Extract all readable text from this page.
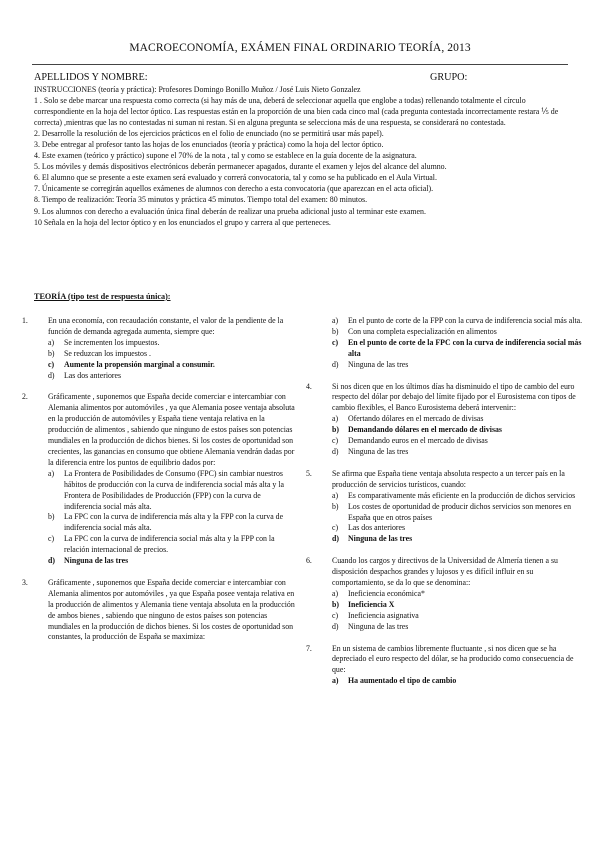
MACROECONOMÍA, EXÁMEN FINAL ORDINARIO TEORÍA, 2013
APELLIDOS Y NOMBRE:	GRUPO:

INSTRUCCIONES (teoría y práctica): Profesores Domingo Bonillo Muñoz / José Luis Nieto Gonzalez

1 . Solo se debe marcar una respuesta como correcta (si hay más de una, deberá de seleccionar aquella que englobe a todas) rellenando totalmente el círculo correspondiente en la hoja del lector óptico. Las respuestas están en la proporción de una bien cada cinco mal (cada pregunta contestada incorrectamente restara ⅕ de correcta) ,mientras que las no contestadas ni suman ni restan. Si en alguna pregunta se selecciona más de una respuesta, se considerará no contestada.

2. Desarrolle la resolución de los ejercicios prácticos en el folio de enunciado (no se permitirá usar más papel).

3. Debe entregar al profesor tanto las hojas de los enunciados (teoría y práctica) como la hoja del lector óptico.

4. Este examen (teórico y práctico) supone el 70% de la nota , tal y como se establece en la guía docente de la asignatura.

5. Los móviles y demás dispositivos electrónicos deberán permanecer apagados, durante el examen y lejos del alcance del alumno.

6. El alumno que se presente a este examen será evaluado y correrá convocatoria, tal y como se ha publicado en el Aula Virtual.

7. Únicamente se corregirán aquellos exámenes de alumnos con derecho a esta convocatoria (que aparezcan en el acta oficial).

8. Tiempo de realización: Teoría 35 minutos y práctica 45 minutos. Tiempo total del examen: 80 minutos.

9. Los alumnos con derecho a evaluación única final deberán de realizar una prueba adicional justo al terminar este examen.

10 Señala en la hoja del lector óptico y en los enunciados el grupo y carrera al que perteneces.

TEORÍA (tipo test de respuesta única):
1.	En una economía, con recaudación constante, el valor de la pendiente de la función de demanda agregada aumenta, siempre que:
a)	Se incrementen los impuestos.
b)	Se reduzcan los impuestos .
c)	Aumente la propensión marginal a consumir.
d)	Las dos anteriores
2.	Gráficamente , suponemos que España decide comerciar e intercambiar con Alemania alimentos por automóviles , ya que Alemania posee ventaja absoluta en la producción de automóviles y España tiene ventaja relativa en la producción de alimentos , sabiendo que ninguno de estos países son potencias mundiales en la producción de dichos bienes. Si los costes de oportunidad son crecientes, las ganancias en consumo que obtiene Alemania vendrán dadas por la diferencia entre los puntos de equilibrio dados por:
a)	La Frontera de Posibilidades de Consumo (FPC) sin cambiar nuestros hábitos de producción con la curva de indiferencia social más alta y la Frontera de Posibilidades de Producción (FPP) con la curva de indiferencia social más alta.
b)	La FPC con la curva de indiferencia más alta y la FPP con la curva de indiferencia social más alta.
c)	La FPC con la curva de indiferencia social más alta y la FPP con la relación internacional de precios.
d)	Ninguna de las tres
3.	Gráficamente , suponemos que España decide comerciar e intercambiar con Alemania alimentos por automóviles , ya que España posee ventaja relativa en la producción de alimentos y Alemania tiene ventaja absoluta en la producción de ambos bienes , sabiendo que ninguno de estos países son potencias mundiales en la producción de dichos bienes. Si los costes de oportunidad son constantes, la producción de España se maximiza:
a)	En el punto de corte de la FPP con la curva de indiferencia social más alta.
b)	Con una completa especialización en alimentos
c)	En el punto de corte de la FPC con la curva de indiferencia social más alta
d)	Ninguna de las tres
4.	Si nos dicen que en los últimos días ha disminuido el tipo de cambio del euro respecto del dólar por debajo del límite fijado por el Eurosistema con tipos de cambio flexibles, el Banco Eurosistema deberá intervenir::
a)	Ofertando dólares en el mercado de divisas
b)	Demandando dólares en el mercado de divisas
c)	Demandando euros en el mercado de divisas
d)	Ninguna de las tres
5.	Se afirma que España tiene ventaja absoluta respecto a un tercer país en la producción de servicios turísticos, cuando:
a)	Es comparativamente más eficiente en la producción de dichos servicios
b)	Los costes de oportunidad de producir dichos servicios son menores en España que en otros países
c)	Las dos anteriores
d)	Ninguna de las tres
6.	Cuando los cargos y directivos de la Universidad de Almería tienen a su disposición despachos grandes y lujosos y es difícil influir en su comportamiento, se da lo que se denomina::
a)	Ineficiencia económica*
b)	Ineficiencia X
c)	Ineficiencia asignativa
d)	Ninguna de las tres
7.	En un sistema de cambios libremente fluctuante , si nos dicen que se ha depreciado el euro respecto del dólar, se ha producido como consecuencia de que:
a)	Ha aumentado el tipo de cambio
